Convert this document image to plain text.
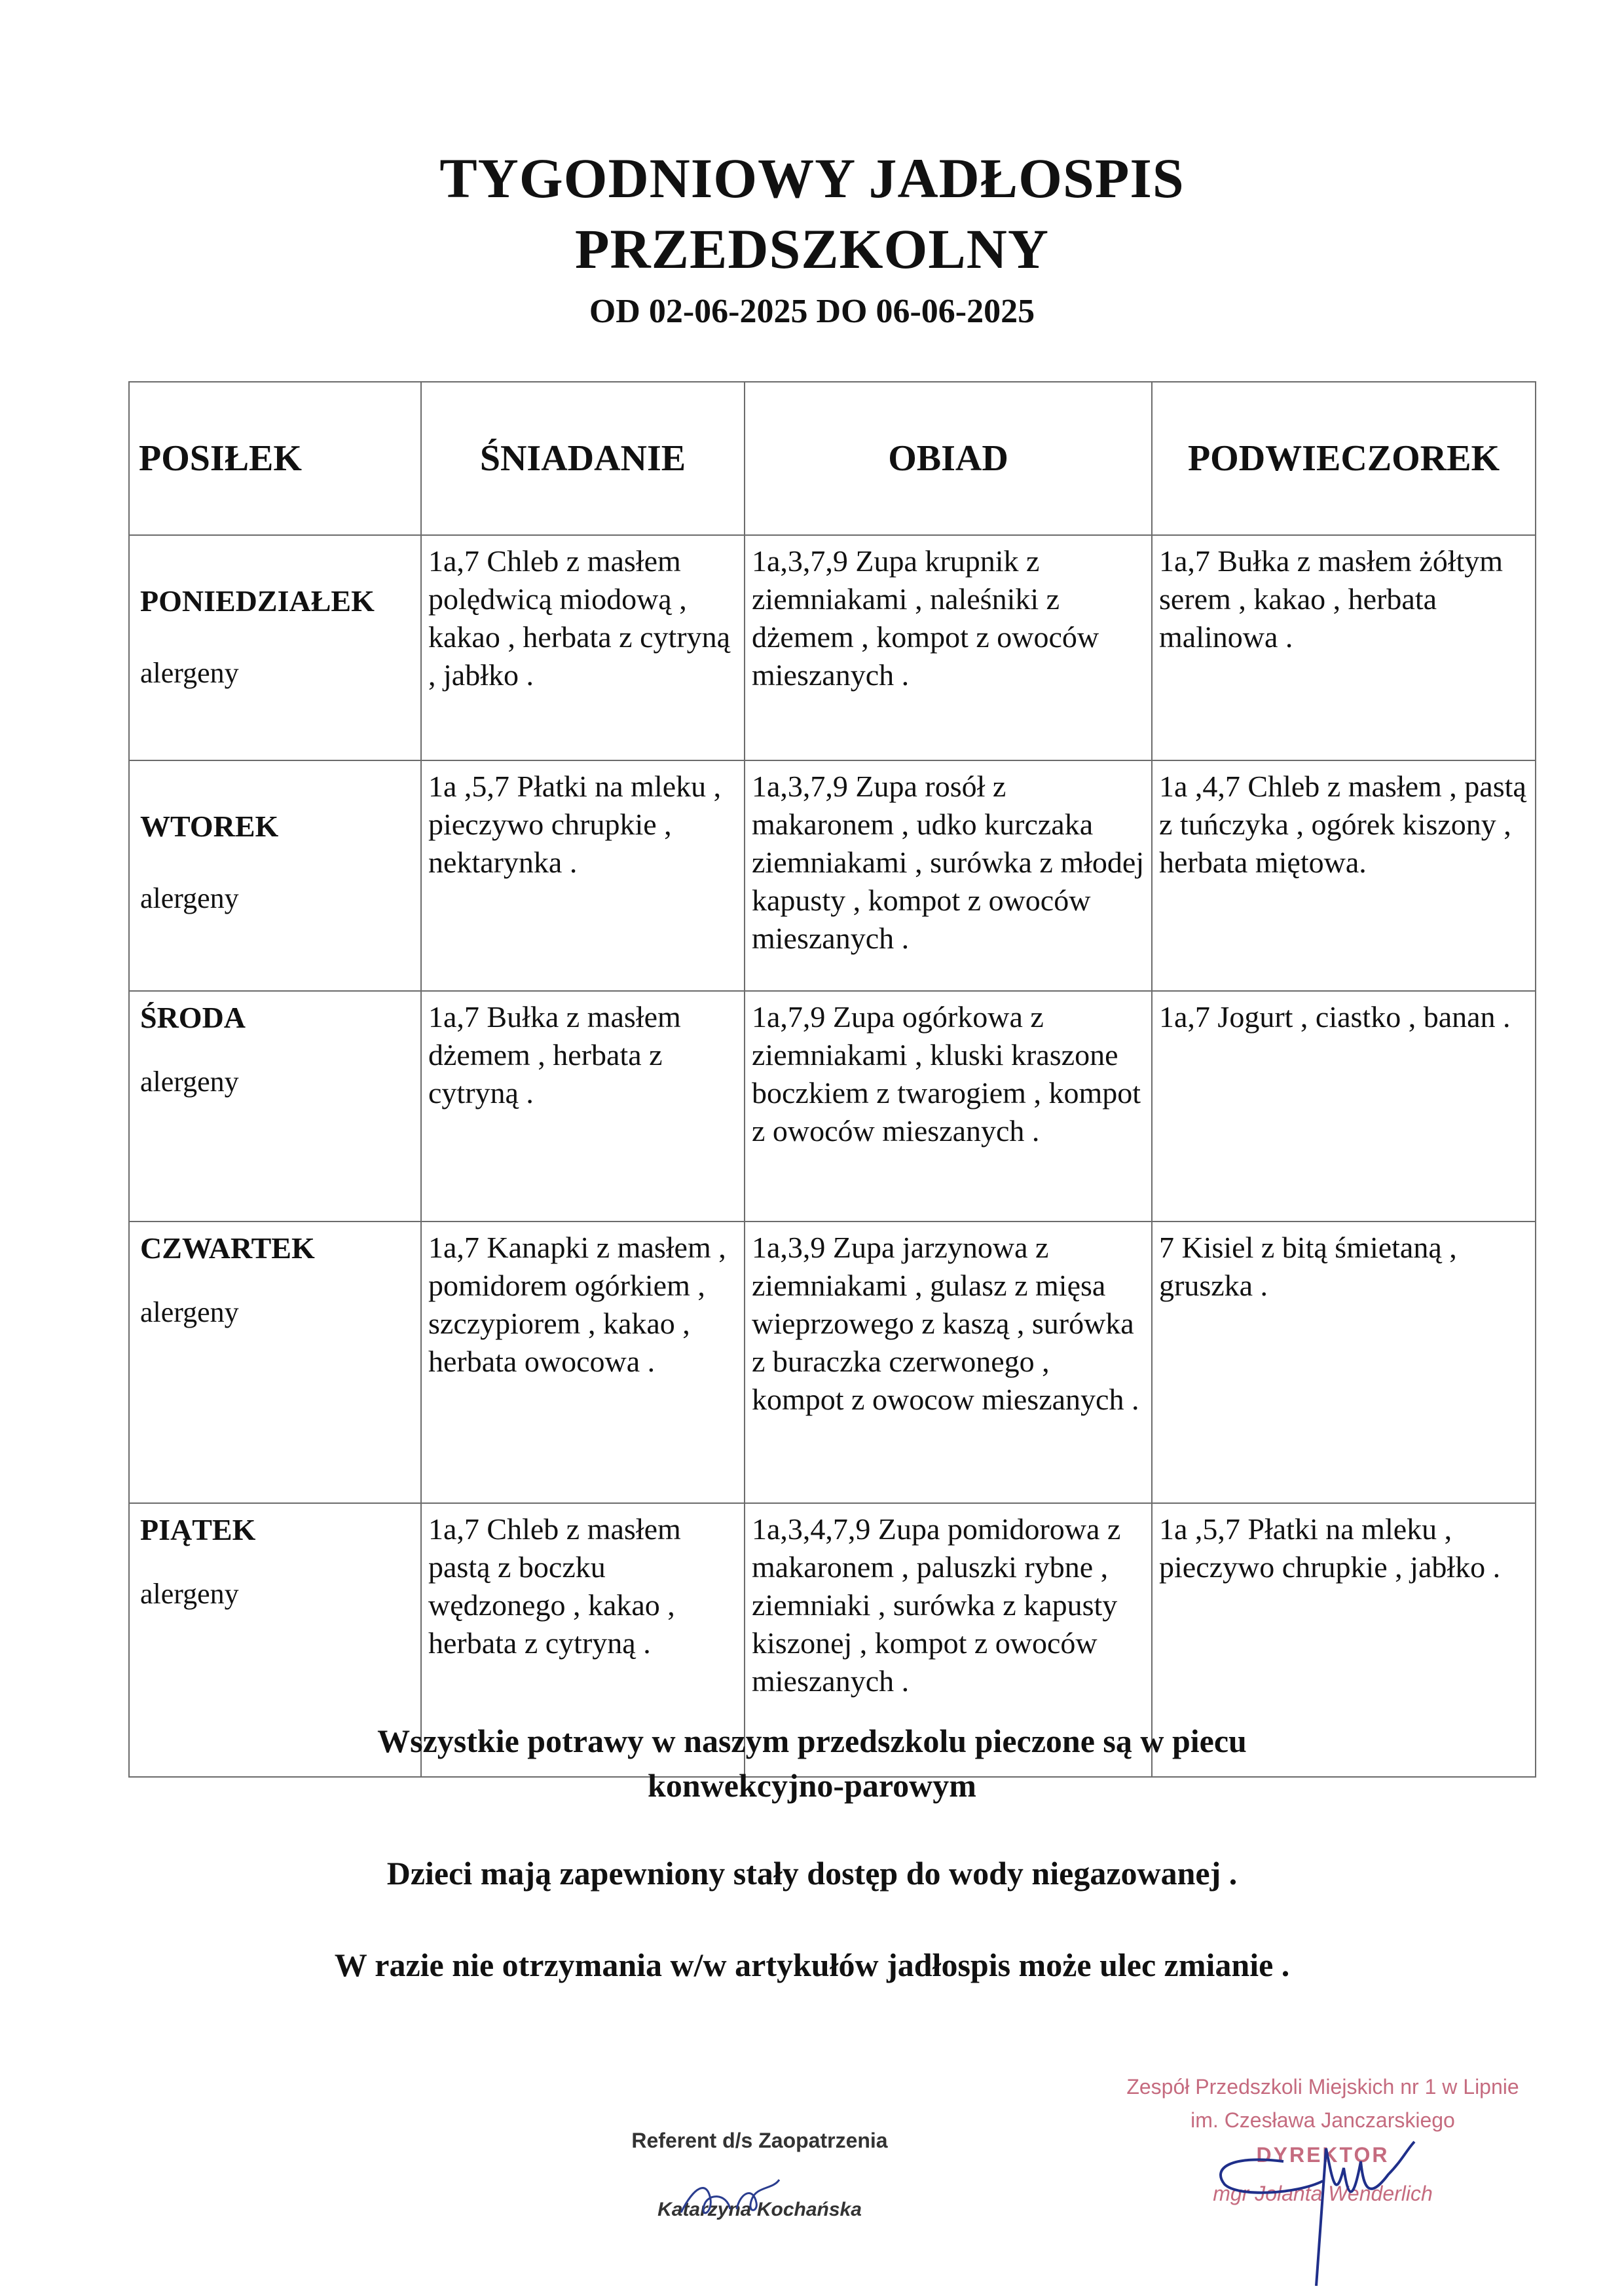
TYGODNIOWY JADŁOSPIS
PRZEDSZKOLNY
OD 02-06-2025 DO 06-06-2025
POSIŁEK	ŚNIADANIE	OBIAD	PODWIECZOREK

PONIEDZIAŁEK
alergeny	1a,7 Chleb z masłem polędwicą miodową , kakao , herbata z cytryną , jabłko .	1a,3,7,9 Zupa krupnik z ziemniakami , naleśniki z dżemem , kompot z owoców mieszanych .	1a,7 Bułka z masłem żółtym serem , kakao , herbata malinowa .

WTOREK
alergeny	1a ,5,7 Płatki na mleku , pieczywo chrupkie , nektarynka .	1a,3,7,9 Zupa rosół z makaronem , udko kurczaka ziemniakami , surówka z młodej kapusty , kompot z owoców mieszanych .	1a ,4,7 Chleb z masłem , pastą z tuńczyka , ogórek kiszony , herbata miętowa.

ŚRODA
alergeny	1a,7 Bułka z masłem dżemem , herbata z cytryną .	1a,7,9 Zupa ogórkowa z ziemniakami , kluski kraszone boczkiem z twarogiem , kompot z owoców mieszanych .	1a,7 Jogurt , ciastko , banan .

CZWARTEK
alergeny	1a,7 Kanapki z masłem , pomidorem ogórkiem , szczypiorem , kakao , herbata owocowa .	1a,3,9 Zupa jarzynowa z ziemniakami , gulasz z mięsa wieprzowego z kaszą , surówka z buraczka czerwonego , kompot z owocow mieszanych .	7 Kisiel z bitą śmietaną , gruszka .

PIĄTEK
alergeny	1a,7 Chleb z masłem pastą z boczku wędzonego , kakao , herbata z cytryną .	1a,3,4,7,9 Zupa pomidorowa z makaronem , paluszki rybne , ziemniaki , surówka z kapusty kiszonej , kompot z owoców mieszanych .	1a ,5,7 Płatki na mleku , pieczywo chrupkie , jabłko .
Wszystkie potrawy w naszym przedszkolu pieczone są w piecu
konwekcyjno-parowym
Dzieci mają zapewniony stały dostęp do wody niegazowanej .
W razie nie otrzymania w/w artykułów jadłospis może ulec zmianie .
Referent d/s Zaopatrzenia
Katarzyna Kochańska
Zespół Przedszkoli Miejskich nr 1 w Lipnie
im. Czesława Janczarskiego
DYREKTOR
mgr Jolanta Wenderlich
